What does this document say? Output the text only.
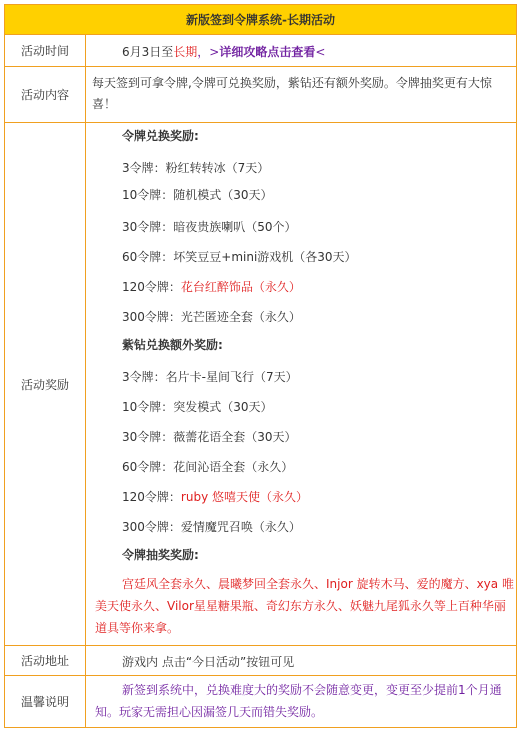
新版签到令牌系统-长期活动
活动时间	6月3日至长期，>详细攻略点击查看<
活动内容
每天签到可拿令牌,令牌可兑换奖励，紫钻还有额外奖励。令牌抽奖更有大惊喜！
活动奖励
令牌兑换奖励:
3令牌：粉红转转冰（7天）
10令牌：随机模式（30天）
30令牌：暗夜贵族喇叭（50个）
60令牌：坏笑豆豆+mini游戏机（各30天）
120令牌：花台红醉饰品（永久）
300令牌：光芒匿迹全套（永久）
紫钻兑换额外奖励:
3令牌：名片卡-星间飞行（7天）
10令牌：突发模式（30天）
30令牌：薇薷花语全套（30天）
60令牌：花间沁语全套（永久）
120令牌：ruby 悠嘻天使（永久）
300令牌：爱情魔咒召唤（永久）
令牌抽奖奖励:
宫廷风全套永久、晨曦梦回全套永久、Injor 旋转木马、爱的魔方、xya 唯
美天使永久、Vilor星星糖果瓶、奇幻东方永久、妖魅九尾狐永久等上百种华丽
道具等你来拿。
活动地址	游戏内 点击“今日活动”按钮可见
温馨说明
新签到系统中，兑换难度大的奖励不会随意变更，变更至少提前1个月通
知。玩家无需担心因漏签几天而错失奖励。
